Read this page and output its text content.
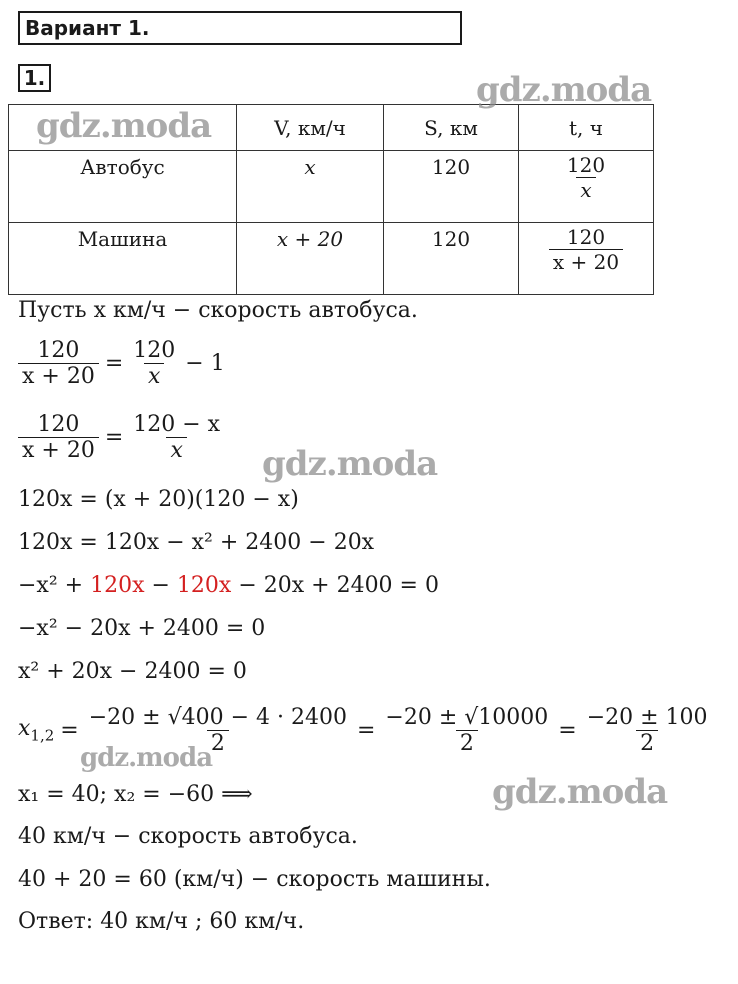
Вариант 1.
1.
	V, км/ч	S, км	t, ч

Автобус	x	120	$\frac{120}{x}$

Машина	x + 20	120	$\frac{120}{x + 20}$
Пусть x км/ч − скорость автобуса.
$\frac{120}{x + 20} = \frac{120}{x} - 1$
$\frac{120}{x + 20} = \frac{120 - x}{x}$
120x = (x + 20)(120 − x)
120x = 120x − x² + 2400 − 20x
−x² + 120x − 120x − 20x + 2400 = 0
−x² − 20x + 2400 = 0
x² + 20x − 2400 = 0
$x_{1,2} = \frac{-20 \pm √400 - 4 \cdot 2400}{2} = \frac{-20 \pm √10000}{2} = \frac{-20 \pm 100}{2}$
x₁ = 40; x₂ = −60 ⟹
40 км/ч − скорость автобуса.
40 + 20 = 60 (км/ч) − скорость машины.
Ответ: 40 км/ч ; 60 км/ч.
gdz.moda
gdz.moda
gdz.moda
gdz.moda
gdz.moda
